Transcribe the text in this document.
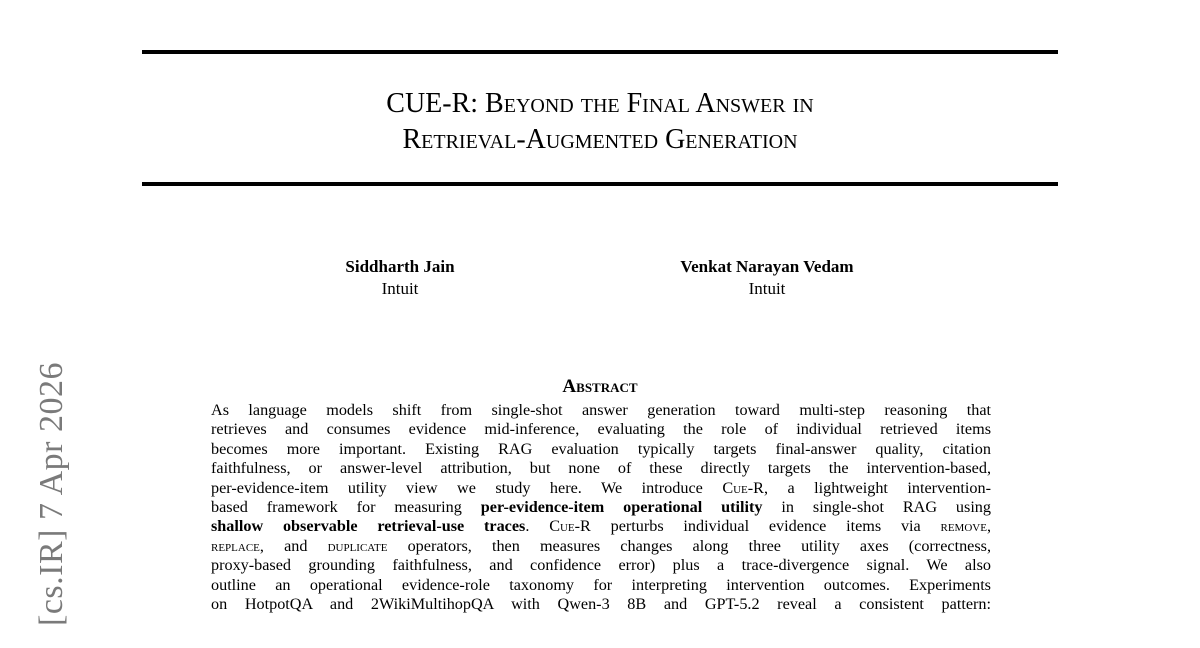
CUE-R: Beyond the Final Answer in
Retrieval-Augmented Generation
Siddharth Jain
Intuit
Venkat Narayan Vedam
Intuit
[cs.IR] 7 Apr 2026	Abstract
As language models shift from single-shot answer generation toward multi-step reasoning that
retrieves and consumes evidence mid-inference, evaluating the role of individual retrieved items
becomes more important. Existing RAG evaluation typically targets final-answer quality, citation
faithfulness, or answer-level attribution, but none of these directly targets the intervention-based,
per-evidence-item utility view we study here. We introduce Cue-R, a lightweight intervention-
based framework for measuring per-evidence-item operational utility in single-shot RAG using
shallow observable retrieval-use traces. Cue-R perturbs individual evidence items via remove,
replace, and duplicate operators, then measures changes along three utility axes (correctness,
proxy-based grounding faithfulness, and confidence error) plus a trace-divergence signal. We also
outline an operational evidence-role taxonomy for interpreting intervention outcomes. Experiments
on HotpotQA and 2WikiMultihopQA with Qwen-3 8B and GPT-5.2 reveal a consistent pattern:
